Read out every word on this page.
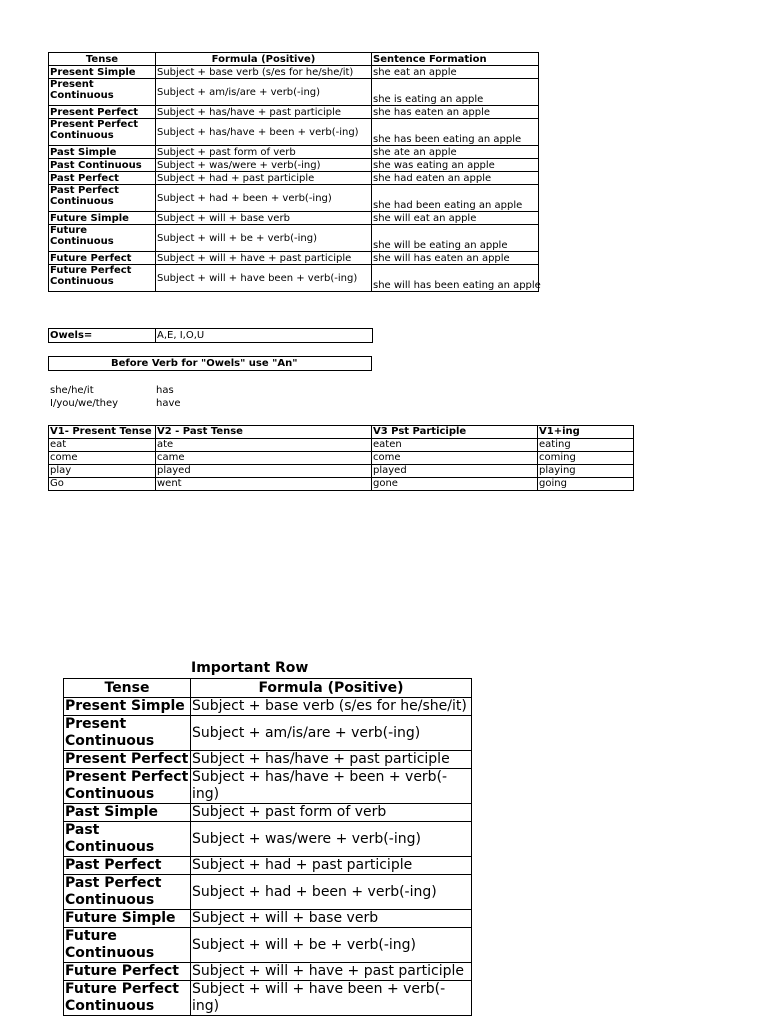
Tense	Formula (Positive)	Sentence Formation
Present Simple	Subject + base verb (s/es for he/she/it)	she eat an apple
Present Continuous	Subject + am/is/are + verb(-ing)	she is eating an apple
Present Perfect	Subject + has/have + past participle	she has eaten an apple
Present Perfect Continuous	Subject + has/have + been + verb(-ing)	she has been eating an apple
Past Simple	Subject + past form of verb	she ate an apple
Past Continuous	Subject + was/were + verb(-ing)	she was eating an apple
Past Perfect	Subject + had + past participle	she had eaten an apple
Past Perfect Continuous	Subject + had + been + verb(-ing)	she had been eating an apple
Future Simple	Subject + will + base verb	she will eat an apple
Future Continuous	Subject + will + be + verb(-ing)	she will be eating an apple
Future Perfect	Subject + will + have + past participle	she will has eaten an apple
Future Perfect Continuous	Subject + will + have been + verb(-ing)	she will has been eating an apple
Owels=	A,E, I,O,U
Before Verb for "Owels" use "An"
she/he/it	has
I/you/we/they	have
V1- Present Tense	V2 - Past Tense	V3 Pst Participle	V1+ing
eat	ate	eaten	eating
come	came	come	coming
play	played	played	playing
Go	went	gone	going
Important Row
Tense	Formula (Positive)
Present Simple	Subject + base verb (s/es for he/she/it)
Present Continuous	Subject + am/is/are + verb(-ing)
Present Perfect	Subject + has/have + past participle
Present Perfect Continuous	Subject + has/have + been + verb(-ing)
Past Simple	Subject + past form of verb
Past Continuous	Subject + was/were + verb(-ing)
Past Perfect	Subject + had + past participle
Past Perfect Continuous	Subject + had + been + verb(-ing)
Future Simple	Subject + will + base verb
Future Continuous	Subject + will + be + verb(-ing)
Future Perfect	Subject + will + have + past participle
Future Perfect Continuous	Subject + will + have been + verb(-ing)
